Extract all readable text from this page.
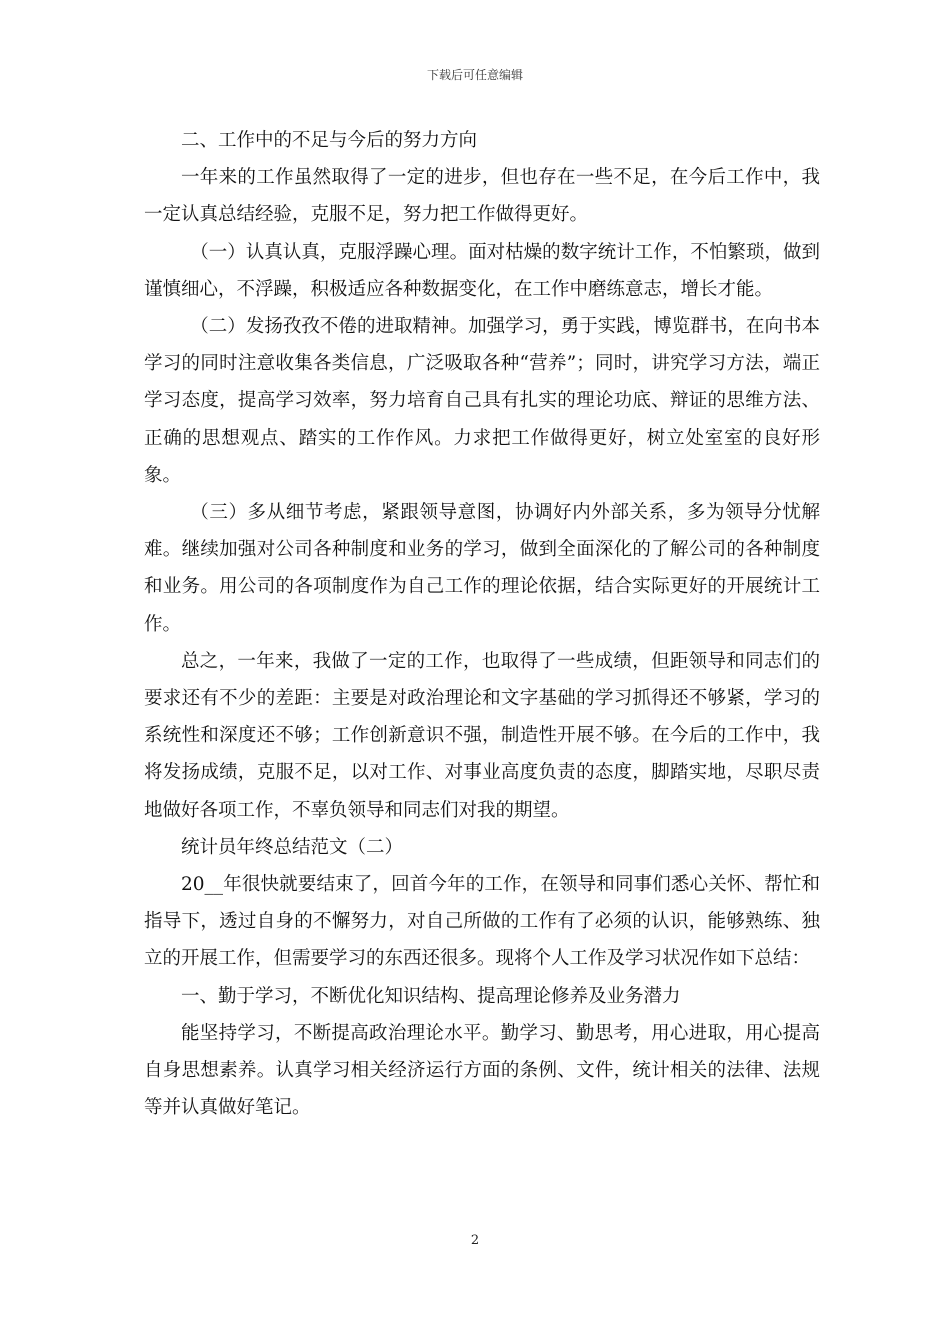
下载后可任意编辑

二、工作中的不足与今后的努力方向

一年来的工作虽然取得了一定的进步，但也存在一些不足，在今后工作中，我一定认真总结经验，克服不足，努力把工作做得更好。

（一）认真认真，克服浮躁心理。面对枯燥的数字统计工作，不怕繁琐，做到谨慎细心，不浮躁，积极适应各种数据变化，在工作中磨练意志，增长才能。

（二）发扬孜孜不倦的进取精神。加强学习，勇于实践，博览群书，在向书本学习的同时注意收集各类信息，广泛吸取各种“营养”；同时，讲究学习方法，端正学习态度，提高学习效率，努力培育自己具有扎实的理论功底、辩证的思维方法、正确的思想观点、踏实的工作作风。力求把工作做得更好，树立处室室的良好形象。

（三）多从细节考虑，紧跟领导意图，协调好内外部关系，多为领导分忧解难。继续加强对公司各种制度和业务的学习，做到全面深化的了解公司的各种制度和业务。用公司的各项制度作为自己工作的理论依据，结合实际更好的开展统计工作。

总之，一年来，我做了一定的工作，也取得了一些成绩，但距领导和同志们的要求还有不少的差距：主要是对政治理论和文字基础的学习抓得还不够紧，学习的系统性和深度还不够；工作创新意识不强，制造性开展不够。在今后的工作中，我将发扬成绩，克服不足，以对工作、对事业高度负责的态度，脚踏实地，尽职尽责地做好各项工作，不辜负领导和同志们对我的期望。

统计员年终总结范文（二）

20__年很快就要结束了，回首今年的工作，在领导和同事们悉心关怀、帮忙和指导下，透过自身的不懈努力，对自己所做的工作有了必须的认识，能够熟练、独立的开展工作，但需要学习的东西还很多。现将个人工作及学习状况作如下总结：

一、勤于学习，不断优化知识结构、提高理论修养及业务潜力

能坚持学习，不断提高政治理论水平。勤学习、勤思考，用心进取，用心提高自身思想素养。认真学习相关经济运行方面的条例、文件，统计相关的法律、法规等并认真做好笔记。

2
